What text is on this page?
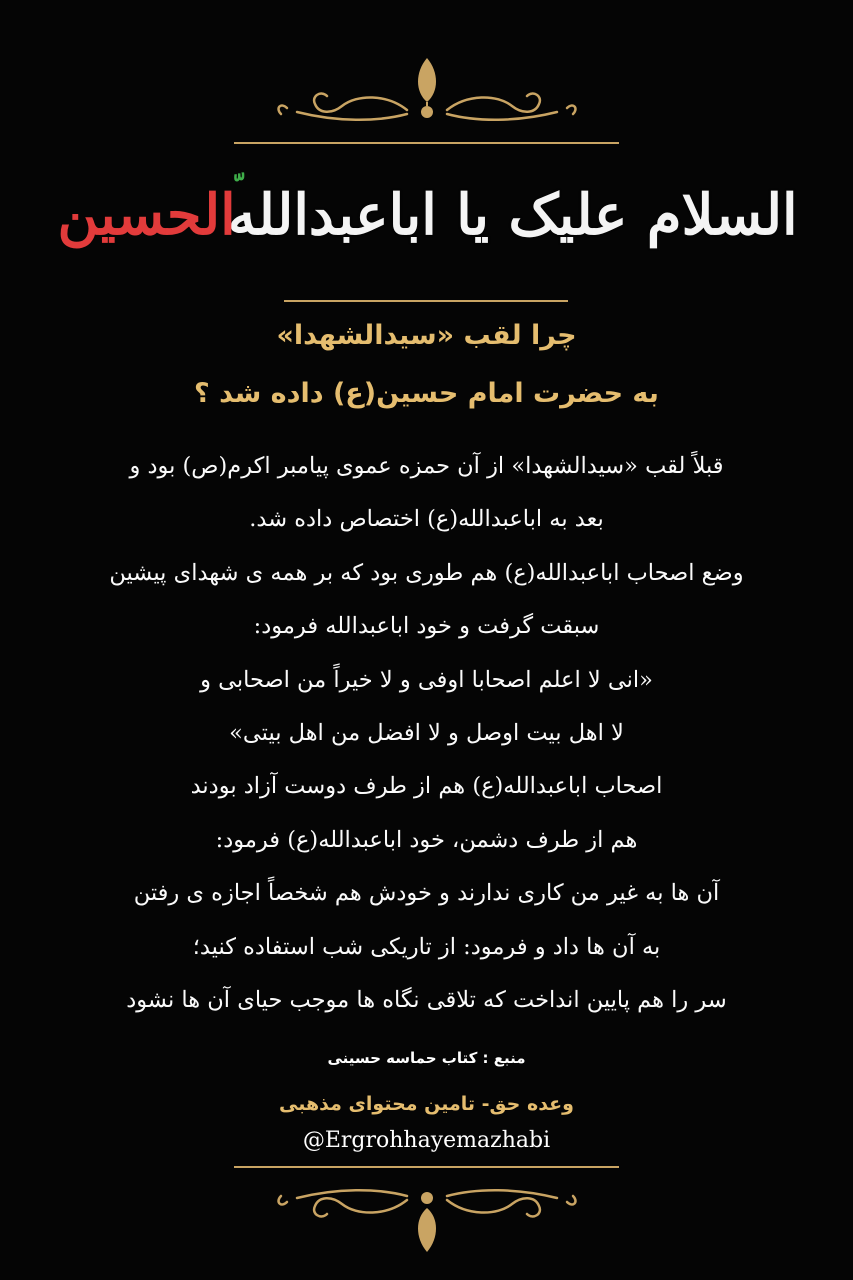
السلام علیک یا اباعبدالله
الحسین
چرا لقب «سیدالشهدا»
به حضرت امام حسین(ع) داده شد ؟
قبلاً لقب «سیدالشهدا» از آن حمزه عموی پیامبر اکرم(ص) بود و
بعد به اباعبدالله(ع) اختصاص داده شد.
وضع اصحاب اباعبدالله(ع) هم طوری بود که بر همه ی شهدای پیشین
سبقت گرفت و خود اباعبدالله فرمود:
«انی لا اعلم اصحابا اوفی و لا خیراً من اصحابی و
لا اهل بیت اوصل و لا افضل من اهل بیتی»
اصحاب اباعبدالله(ع) هم از طرف دوست آزاد بودند
هم از طرف دشمن، خود اباعبدالله(ع) فرمود:
آن ها به غیر من کاری ندارند و خودش هم شخصاً اجازه ی رفتن
به آن ها داد و فرمود: از تاریکی شب استفاده کنید؛
سر را هم پایین انداخت که تلاقی نگاه ها موجب حیای آن ها نشود
منبع : کتاب حماسه حسینی
وعده حق- تامین محتوای مذهبی
@Ergrohhayemazhabi
